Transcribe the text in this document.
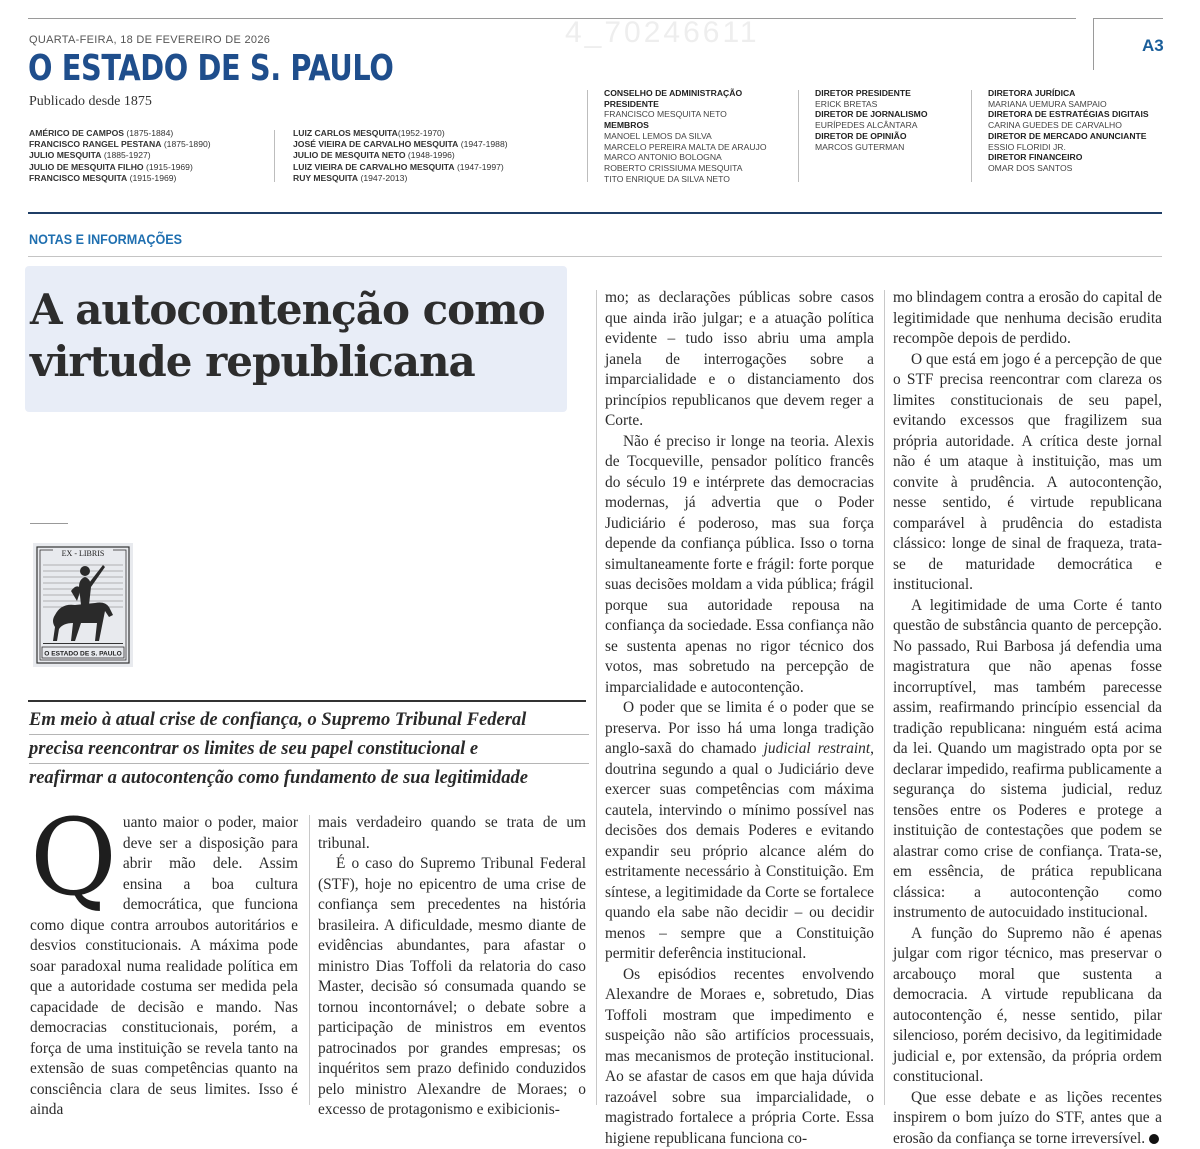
A3
4_70246611
QUARTA-FEIRA, 18 DE FEVEREIRO DE 2026
O ESTADO DE S. PAULO
Publicado desde 1875
AMÉRICO DE CAMPOS (1875-1884)
FRANCISCO RANGEL PESTANA (1875-1890)
JULIO MESQUITA (1885-1927)
JULIO DE MESQUITA FILHO (1915-1969)
FRANCISCO MESQUITA (1915-1969)
LUIZ CARLOS MESQUITA(1952-1970)
JOSÉ VIEIRA DE CARVALHO MESQUITA (1947-1988)
JULIO DE MESQUITA NETO (1948-1996)
LUIZ VIEIRA DE CARVALHO MESQUITA (1947-1997)
RUY MESQUITA (1947-2013)
CONSELHO DE ADMINISTRAÇÃO
PRESIDENTE
FRANCISCO MESQUITA NETO
MEMBROS
MANOEL LEMOS DA SILVA
MARCELO PEREIRA MALTA DE ARAUJO
MARCO ANTONIO BOLOGNA
ROBERTO CRISSIUMA MESQUITA
TITO ENRIQUE DA SILVA NETO
DIRETOR PRESIDENTE
ERICK BRETAS
DIRETOR DE JORNALISMO
EURÍPEDES ALCÂNTARA
DIRETOR DE OPINIÃO
MARCOS GUTERMAN
DIRETORA JURÍDICA
MARIANA UEMURA SAMPAIO
DIRETORA DE ESTRATÉGIAS DIGITAIS
CARINA GUEDES DE CARVALHO
DIRETOR DE MERCADO ANUNCIANTE
ESSIO FLORIDI JR.
DIRETOR FINANCEIRO
OMAR DOS SANTOS
NOTAS E INFORMAÇÕES
A autocontenção como
virtude republicana
EX - LIBRIS
O ESTADO DE S. PAULO
Em meio à atual crise de confiança, o Supremo Tribunal Federal
precisa reencontrar os limites de seu papel constitucional e
reafirmar a autocontenção como fundamento de sua legitimidade

Quanto maior o poder, maior deve ser a disposição para abrir mão dele. Assim ensina a boa cultura democrática, que funciona como dique contra arroubos autoritários e desvios constitucionais. A máxima pode soar paradoxal numa realidade política em que a autoridade costuma ser medida pela capacidade de decisão e mando. Nas democracias constitucionais, porém, a força de uma instituição se revela tanto na extensão de suas competências quanto na consciência clara de seus limites. Isso é ainda

mais verdadeiro quando se trata de um tribunal.

É o caso do Supremo Tribunal Federal (STF), hoje no epicentro de uma crise de confiança sem precedentes na história brasileira. A dificuldade, mesmo diante de evidências abundantes, para afastar o ministro Dias Toffoli da relatoria do caso Master, decisão só consumada quando se tornou incontornável; o debate sobre a participação de ministros em eventos patrocinados por grandes empresas; os inquéritos sem prazo definido conduzidos pelo ministro Alexandre de Moraes; o excesso de protagonismo e exibicionis-

mo; as declarações públicas sobre casos que ainda irão julgar; e a atuação política evidente – tudo isso abriu uma ampla janela de interrogações sobre a imparcialidade e o distanciamento dos princípios republicanos que devem reger a Corte.

Não é preciso ir longe na teoria. Alexis de Tocqueville, pensador político francês do século 19 e intérprete das democracias modernas, já advertia que o Poder Judiciário é poderoso, mas sua força depende da confiança pública. Isso o torna simultaneamente forte e frágil: forte porque suas decisões moldam a vida pública; frágil porque sua autoridade repousa na confiança da sociedade. Essa confiança não se sustenta apenas no rigor técnico dos votos, mas sobretudo na percepção de imparcialidade e autocontenção.

O poder que se limita é o poder que se preserva. Por isso há uma longa tradição anglo-saxã do chamado judicial restraint, doutrina segundo a qual o Judiciário deve exercer suas competências com máxima cautela, intervindo o mínimo possível nas decisões dos demais Poderes e evitando expandir seu próprio alcance além do estritamente necessário à Constituição. Em síntese, a legitimidade da Corte se fortalece quando ela sabe não decidir – ou decidir menos – sempre que a Constituição permitir deferência institucional.

Os episódios recentes envolvendo Alexandre de Moraes e, sobretudo, Dias Toffoli mostram que impedimento e suspeição não são artifícios processuais, mas mecanismos de proteção institucional. Ao se afastar de casos em que haja dúvida razoável sobre sua imparcialidade, o magistrado fortalece a própria Corte. Essa higiene republicana funciona co-

mo blindagem contra a erosão do capital de legitimidade que nenhuma decisão erudita recompõe depois de perdido.

O que está em jogo é a percepção de que o STF precisa reencontrar com clareza os limites constitucionais de seu papel, evitando excessos que fragilizem sua própria autoridade. A crítica deste jornal não é um ataque à instituição, mas um convite à prudência. A autocontenção, nesse sentido, é virtude republicana comparável à prudência do estadista clássico: longe de sinal de fraqueza, trata-se de maturidade democrática e institucional.

A legitimidade de uma Corte é tanto questão de substância quanto de percepção. No passado, Rui Barbosa já defendia uma magistratura que não apenas fosse incorruptível, mas também parecesse assim, reafirmando princípio essencial da tradição republicana: ninguém está acima da lei. Quando um magistrado opta por se declarar impedido, reafirma publicamente a segurança do sistema judicial, reduz tensões entre os Poderes e protege a instituição de contestações que podem se alastrar como crise de confiança. Trata-se, em essência, de prática republicana clássica: a autocontenção como instrumento de autocuidado institucional.

A função do Supremo não é apenas julgar com rigor técnico, mas preservar o arcabouço moral que sustenta a democracia. A virtude republicana da autocontenção é, nesse sentido, pilar silencioso, porém decisivo, da legitimidade judicial e, por extensão, da própria ordem constitucional.

Que esse debate e as lições recentes inspirem o bom juízo do STF, antes que a erosão da confiança se torne irreversível.
